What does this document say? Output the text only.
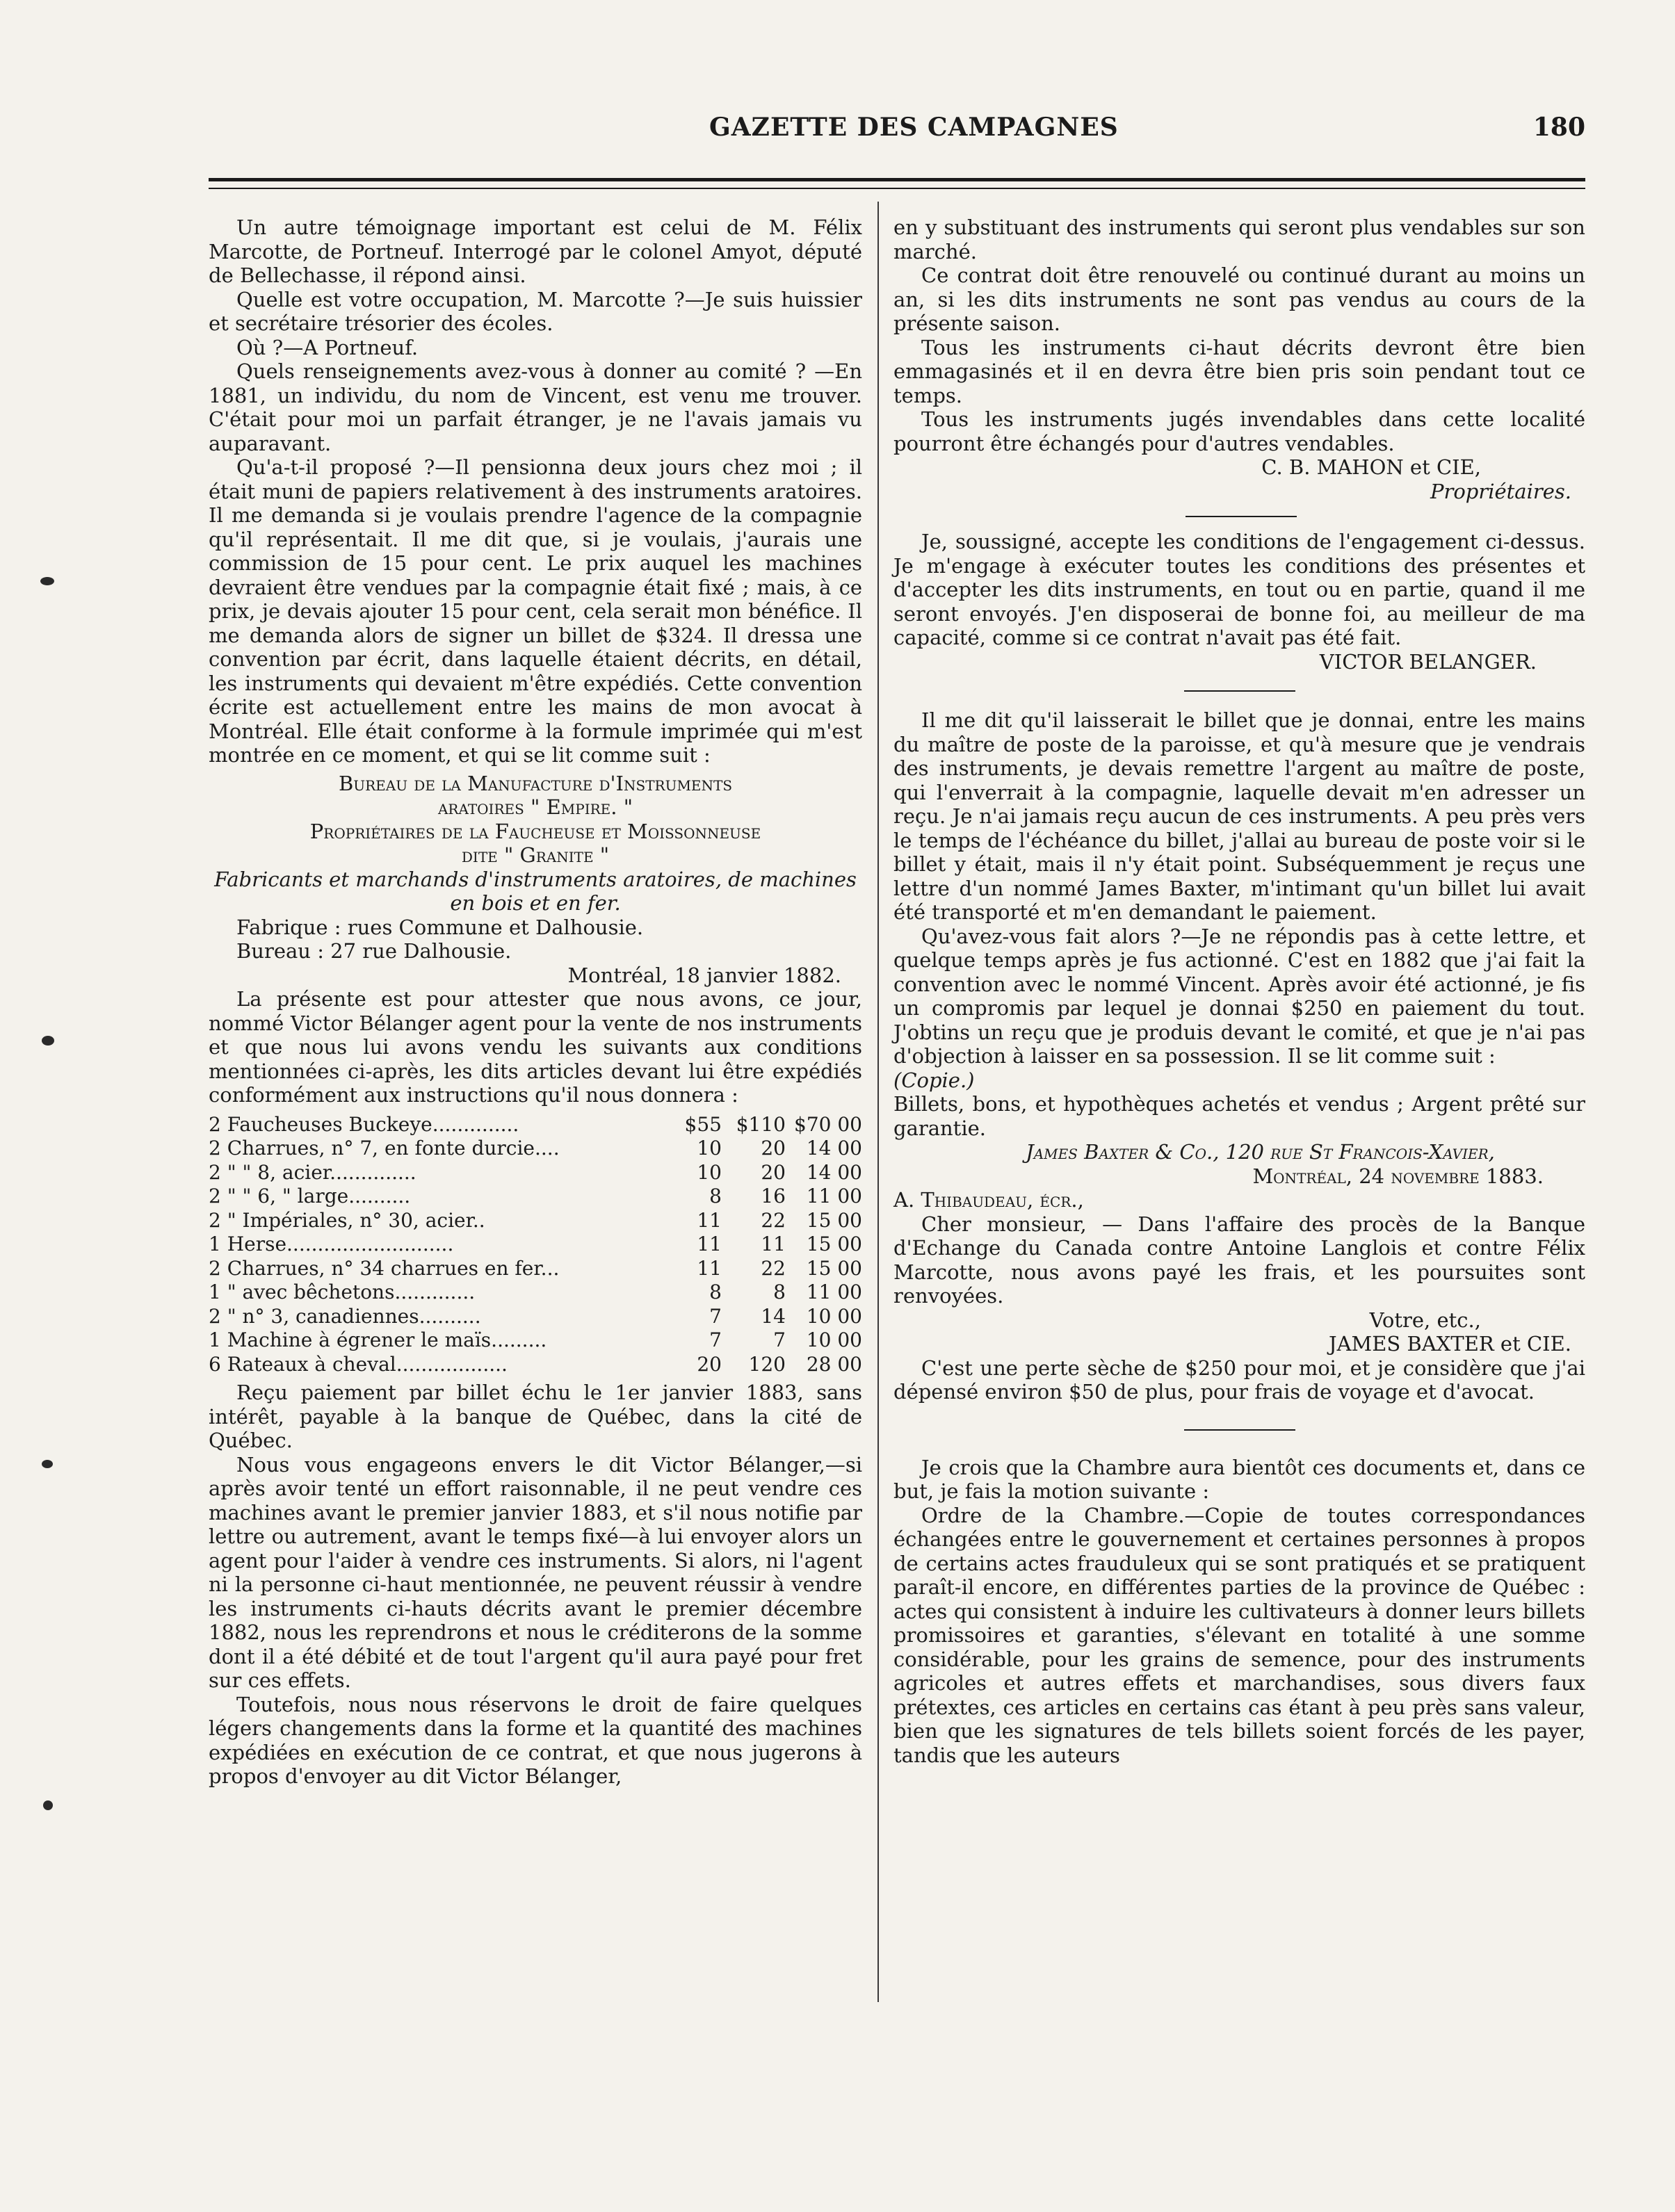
GAZETTE DES CAMPAGNES	180

Un autre témoignage important est celui de M. Félix Marcotte, de Portneuf. Interrogé par le colonel Amyot, député de Bellechasse, il répond ainsi.

Quelle est votre occupation, M. Marcotte ?—Je suis huissier et secrétaire trésorier des écoles.

Où ?—A Portneuf.

Quels renseignements avez-vous à donner au comité ? —En 1881, un individu, du nom de Vincent, est venu me trouver. C'était pour moi un parfait étranger, je ne l'avais jamais vu auparavant.

Qu'a-t-il proposé ?—Il pensionna deux jours chez moi ; il était muni de papiers relativement à des instruments aratoires. Il me demanda si je voulais prendre l'agence de la compagnie qu'il représentait. Il me dit que, si je voulais, j'aurais une commission de 15 pour cent. Le prix auquel les machines devraient être vendues par la compagnie était fixé ; mais, à ce prix, je devais ajouter 15 pour cent, cela serait mon bénéfice. Il me demanda alors de signer un billet de $324. Il dressa une convention par écrit, dans laquelle étaient décrits, en détail, les instruments qui devaient m'être expédiés. Cette convention écrite est actuellement entre les mains de mon avocat à Montréal. Elle était conforme à la formule imprimée qui m'est montrée en ce moment, et qui se lit comme suit :

Bureau de la Manufacture d'Instruments

aratoires " Empire. "

Propriétaires de la Faucheuse et Moissonneuse

dite " Granite "

Fabricants et marchands d'instruments aratoires, de machines en bois et en fer.

Fabrique : rues Commune et Dalhousie.

Bureau : 27 rue Dalhousie.

Montréal, 18 janvier 1882.

La présente est pour attester que nous avons, ce jour, nommé Victor Bélanger agent pour la vente de nos instruments et que nous lui avons vendu les suivants aux conditions mentionnées ci-après, les dits articles devant lui être expédiés conformément aux instructions qu'il nous donnera :

2 Faucheuses Buckeye..............	$55	$110	$70 00
2 Charrues, n° 7, en fonte durcie....	10	20	14 00
2 " " 8, acier..............	10	20	14 00
2 " " 6, " large..........	8	16	11 00
2 " Impériales, n° 30, acier..	11	22	15 00
1 Herse...........................	11	11	15 00
2 Charrues, n° 34 charrues en fer...	11	22	15 00
1 " avec bêchetons.............	8	8	11 00
2 " n° 3, canadiennes..........	7	14	10 00
1 Machine à égrener le maïs.........	7	7	10 00
6 Rateaux à cheval..................	20	120	28 00

Reçu paiement par billet échu le 1er janvier 1883, sans intérêt, payable à la banque de Québec, dans la cité de Québec.

Nous vous engageons envers le dit Victor Bélanger,—si après avoir tenté un effort raisonnable, il ne peut vendre ces machines avant le premier janvier 1883, et s'il nous notifie par lettre ou autrement, avant le temps fixé—à lui envoyer alors un agent pour l'aider à vendre ces instruments. Si alors, ni l'agent ni la personne ci-haut mentionnée, ne peuvent réussir à vendre les instruments ci-hauts décrits avant le premier décembre 1882, nous les reprendrons et nous le créditerons de la somme dont il a été débité et de tout l'argent qu'il aura payé pour fret sur ces effets.

Toutefois, nous nous réservons le droit de faire quelques légers changements dans la forme et la quantité des machines expédiées en exécution de ce contrat, et que nous jugerons à propos d'envoyer au dit Victor Bélanger,

en y substituant des instruments qui seront plus vendables sur son marché.

Ce contrat doit être renouvelé ou continué durant au moins un an, si les dits instruments ne sont pas vendus au cours de la présente saison.

Tous les instruments ci-haut décrits devront être bien emmagasinés et il en devra être bien pris soin pendant tout ce temps.

Tous les instruments jugés invendables dans cette localité pourront être échangés pour d'autres vendables.

C. B. MAHON et CIE,

Propriétaires.

Je, soussigné, accepte les conditions de l'engagement ci-dessus. Je m'engage à exécuter toutes les conditions des présentes et d'accepter les dits instruments, en tout ou en partie, quand il me seront envoyés. J'en disposerai de bonne foi, au meilleur de ma capacité, comme si ce contrat n'avait pas été fait.

VICTOR BELANGER.

Il me dit qu'il laisserait le billet que je donnai, entre les mains du maître de poste de la paroisse, et qu'à mesure que je vendrais des instruments, je devais remettre l'argent au maître de poste, qui l'enverrait à la compagnie, laquelle devait m'en adresser un reçu. Je n'ai jamais reçu aucun de ces instruments. A peu près vers le temps de l'échéance du billet, j'allai au bureau de poste voir si le billet y était, mais il n'y était point. Subséquemment je reçus une lettre d'un nommé James Baxter, m'intimant qu'un billet lui avait été transporté et m'en demandant le paiement.

Qu'avez-vous fait alors ?—Je ne répondis pas à cette lettre, et quelque temps après je fus actionné. C'est en 1882 que j'ai fait la convention avec le nommé Vincent. Après avoir été actionné, je fis un compromis par lequel je donnai $250 en paiement du tout. J'obtins un reçu que je produis devant le comité, et que je n'ai pas d'objection à laisser en sa possession. Il se lit comme suit :

(Copie.)

Billets, bons, et hypothèques achetés et vendus ; Argent prêté sur garantie.

James Baxter & Co., 120 rue St Francois-Xavier,

Montréal, 24 novembre 1883.

A. Thibaudeau, écr.,

Cher monsieur, — Dans l'affaire des procès de la Banque d'Echange du Canada contre Antoine Langlois et contre Félix Marcotte, nous avons payé les frais, et les poursuites sont renvoyées.

Votre, etc.,

JAMES BAXTER et CIE.

C'est une perte sèche de $250 pour moi, et je considère que j'ai dépensé environ $50 de plus, pour frais de voyage et d'avocat.

Je crois que la Chambre aura bientôt ces documents et, dans ce but, je fais la motion suivante :

Ordre de la Chambre.—Copie de toutes correspondances échangées entre le gouvernement et certaines personnes à propos de certains actes frauduleux qui se sont pratiqués et se pratiquent paraît-il encore, en différentes parties de la province de Québec : actes qui consistent à induire les cultivateurs à donner leurs billets promissoires et garanties, s'élevant en totalité à une somme considérable, pour les grains de semence, pour des instruments agricoles et autres effets et marchandises, sous divers faux prétextes, ces articles en certains cas étant à peu près sans valeur, bien que les signatures de tels billets soient forcés de les payer, tandis que les auteurs
